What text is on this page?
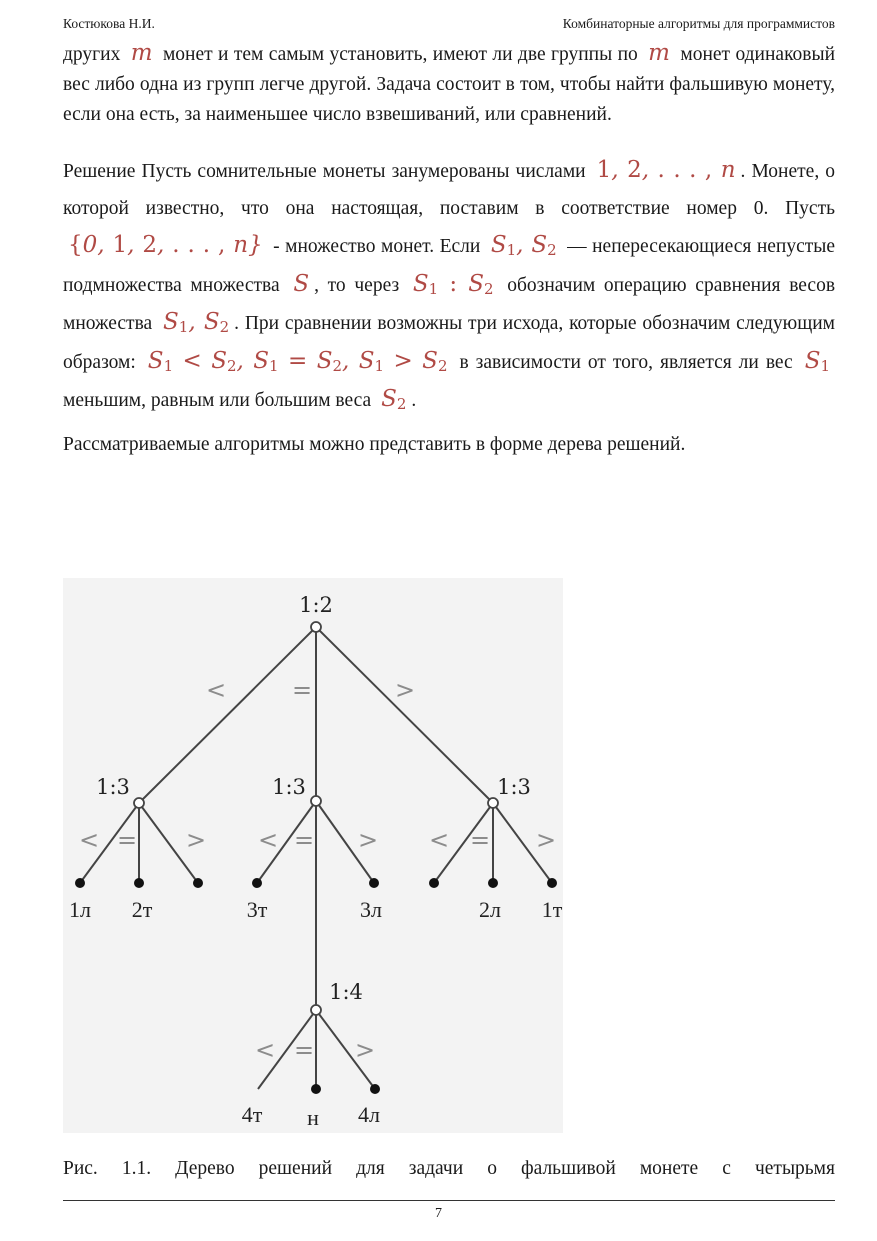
Костюкова Н.И.	Комбинаторные алгоритмы для программистов

других m монет и тем самым установить, имеют ли две группы по m монет одинаковый вес либо одна из групп легче другой. Задача состоит в том, чтобы найти фальшивую монету, если она есть, за наименьшее число взвешиваний, или сравнений.

Решение Пусть сомнительные монеты занумерованы числами 1, 2, . . . , n . Монете, о которой известно, что она настоящая, поставим в соответствие номер 0. Пусть {0, 1, 2, . . . , n} - множество монет. Если $S_1$, $S_2$ — непересекающиеся непустые подмножества множества S , то через $S_1$ : $S_2$ обозначим операцию сравнения весов множества $S_1$, $S_2$ . При сравнении возможны три исхода, которые обозначим следующим образом: $S_1 < S_2$, $S_1 = S_2$, $S_1 > S_2$ в зависимости от того, является ли вес $S_1$ меньшим, равным или большим веса $S_2$ .

Рассматриваемые алгоритмы можно представить в форме дерева решений.

1:2
1:3	1:3	1:3
1:4
<	=	>
< = > < = > < = >
< = >
1л 2т	3т	3л	2л 1т
4т н 4л
Рис. 1.1. Дерево решений для задачи о фальшивой монете с четырьмя
7
